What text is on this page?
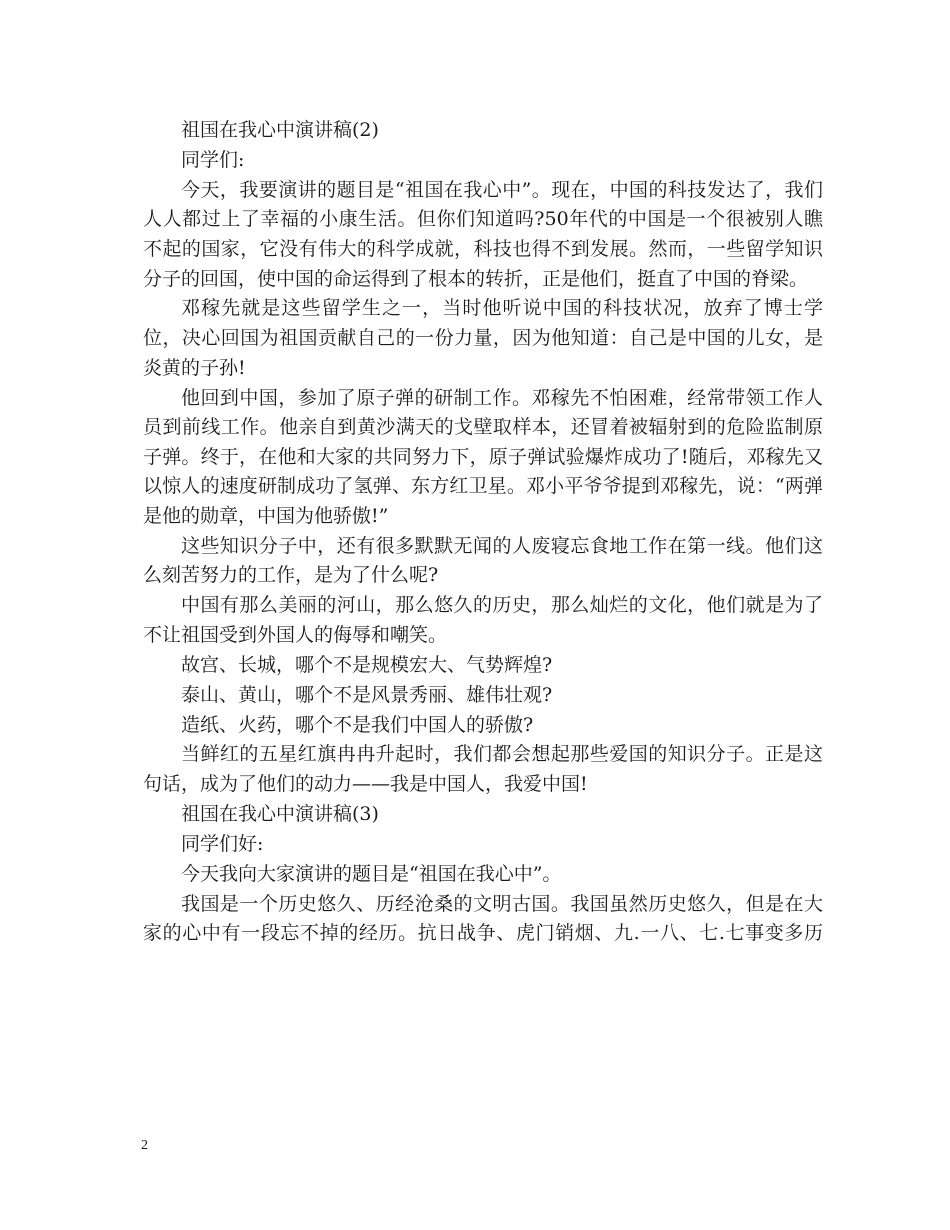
祖国在我心中演讲稿(2)

同学们:

今天，我要演讲的题目是“祖国在我心中”。现在，中国的科技发达了，我们人人都过上了幸福的小康生活。但你们知道吗?50年代的中国是一个很被别人瞧不起的国家，它没有伟大的科学成就，科技也得不到发展。然而，一些留学知识分子的回国，使中国的命运得到了根本的转折，正是他们，挺直了中国的脊梁。

邓稼先就是这些留学生之一，当时他听说中国的科技状况，放弃了博士学位，决心回国为祖国贡献自己的一份力量，因为他知道：自己是中国的儿女，是炎黄的子孙!

他回到中国，参加了原子弹的研制工作。邓稼先不怕困难，经常带领工作人员到前线工作。他亲自到黄沙满天的戈壁取样本，还冒着被辐射到的危险监制原子弹。终于，在他和大家的共同努力下，原子弹试验爆炸成功了!随后，邓稼先又以惊人的速度研制成功了氢弹、东方红卫星。邓小平爷爷提到邓稼先，说：“两弹是他的勋章，中国为他骄傲!”

这些知识分子中，还有很多默默无闻的人废寝忘食地工作在第一线。他们这么刻苦努力的工作，是为了什么呢?

中国有那么美丽的河山，那么悠久的历史，那么灿烂的文化，他们就是为了不让祖国受到外国人的侮辱和嘲笑。

故宫、长城，哪个不是规模宏大、气势辉煌?

泰山、黄山，哪个不是风景秀丽、雄伟壮观?

造纸、火药，哪个不是我们中国人的骄傲?

当鲜红的五星红旗冉冉升起时，我们都会想起那些爱国的知识分子。正是这句话，成为了他们的动力——我是中国人，我爱中国!

祖国在我心中演讲稿(3)

同学们好:

今天我向大家演讲的题目是“祖国在我心中”。

我国是一个历史悠久、历经沧桑的文明古国。我国虽然历史悠久，但是在大家的心中有一段忘不掉的经历。抗日战争、虎门销烟、九.一八、七.七事变多历

2
